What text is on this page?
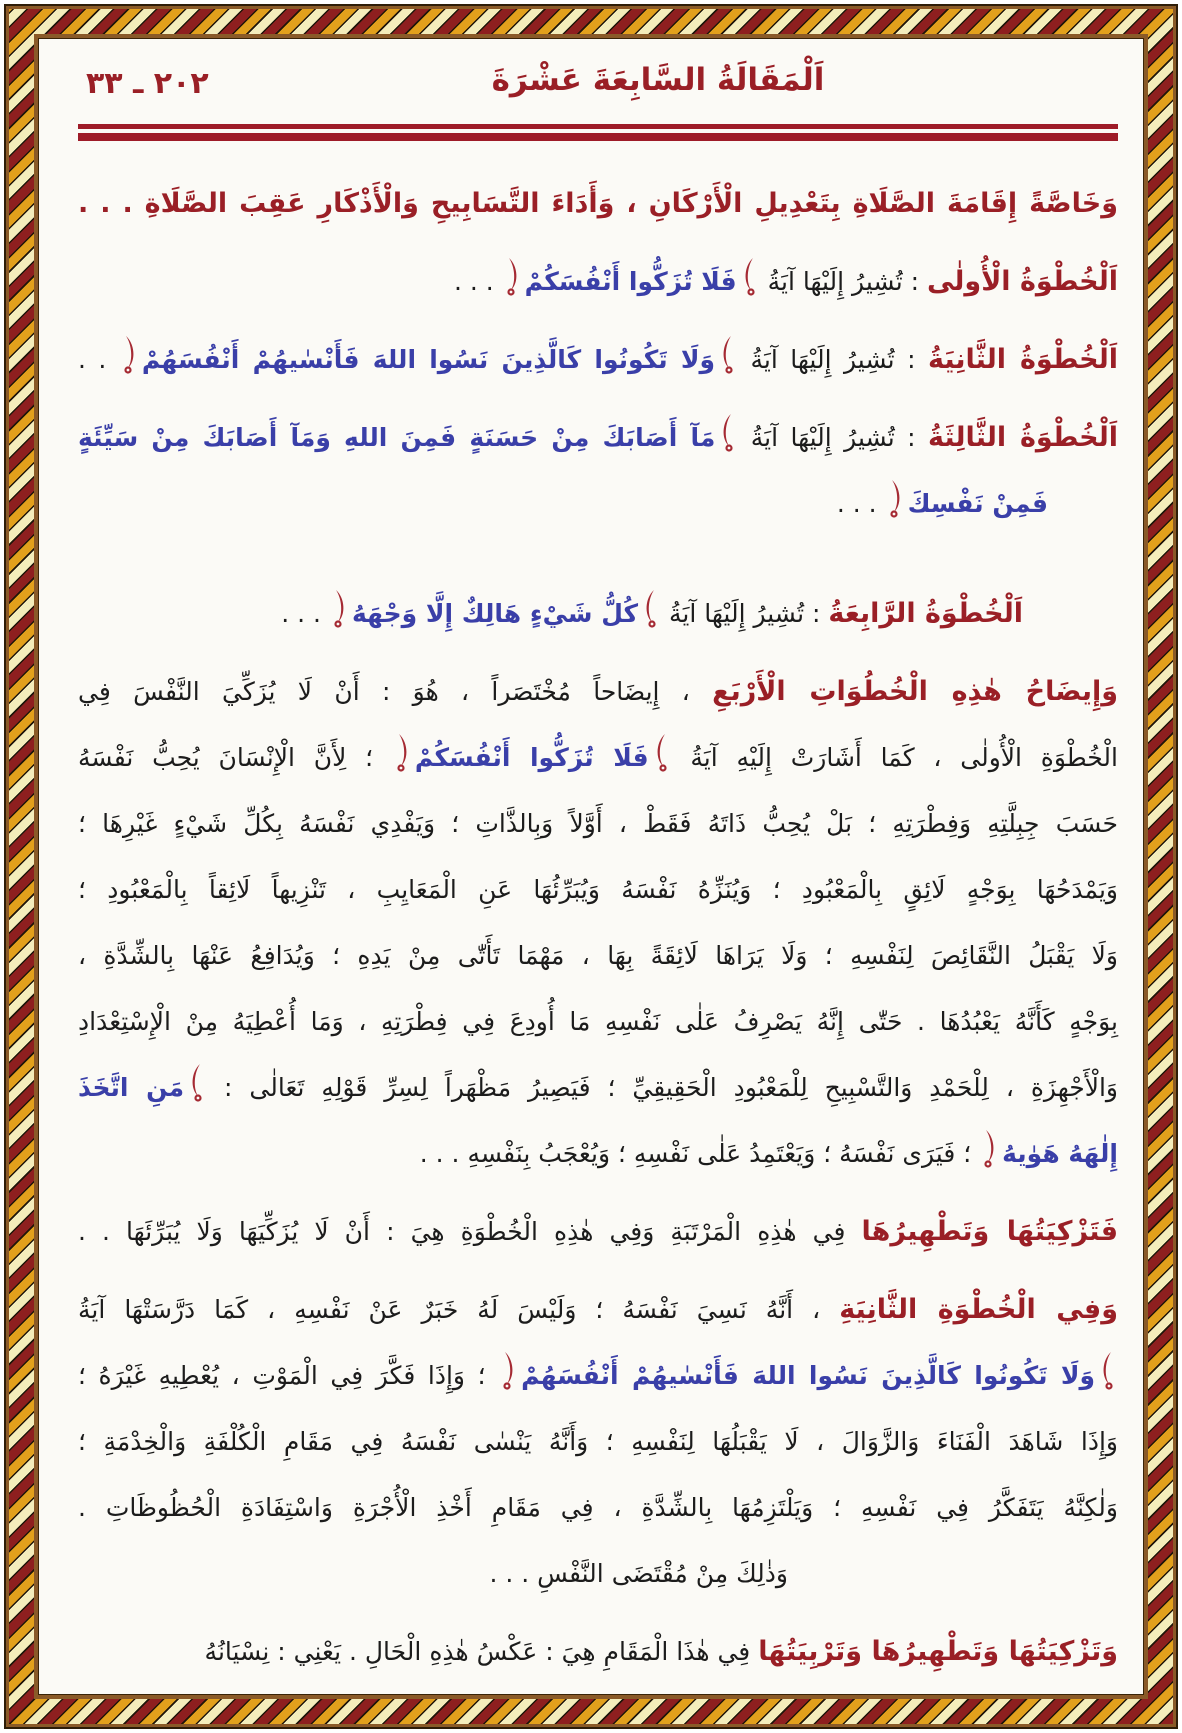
٢٠٢ ـ ٣٣	اَلْمَقَالَةُ السَّابِعَةَ عَشْرَةَ
وَخَاصَّةً إِقَامَةَ الصَّلَاةِ بِتَعْدِيلِ الْأَرْكَانِ ، وَأَدَاءَ التَّسَابِيحِ وَالْأَذْكَارِ عَقِبَ الصَّلَاةِ . . .
اَلْخُطْوَةُ الْأُولٰى : تُشِيرُ إِلَيْهَا آيَةُ
فَلَا تُزَكُّوا أَنْفُسَكُمْ
. . .
اَلْخُطْوَةُ الثَّانِيَةُ : تُشِيرُ إِلَيْهَا آيَةُ
وَلَا تَكُونُوا كَالَّذِينَ نَسُوا اللهَ فَأَنْسٰيهُمْ أَنْفُسَهُمْ
. .
اَلْخُطْوَةُ الثَّالِثَةُ : تُشِيرُ إِلَيْهَا آيَةُ
مَآ أَصَابَكَ مِنْ حَسَنَةٍ فَمِنَ اللهِ وَمَآ أَصَابَكَ مِنْ سَيِّئَةٍ
فَمِنْ نَفْسِكَ
. . .
اَلْخُطْوَةُ الرَّابِعَةُ : تُشِيرُ إِلَيْهَا آيَةُ
كُلُّ شَيْءٍ هَالِكٌ إِلَّا وَجْهَهُ
. . .
وَإِيضَاحُ هٰذِهِ الْخُطُوَاتِ الْأَرْبَعِ ، إِيضَاحاً مُخْتَصَراً ، هُوَ : أَنْ لَا يُزَكِّيَ النَّفْسَ فِي
الْخُطْوَةِ الْأُولٰى ، كَمَا أَشَارَتْ إِلَيْهِ آيَةُ
فَلَا تُزَكُّوا أَنْفُسَكُمْ
؛ لِأَنَّ الْإِنْسَانَ يُحِبُّ نَفْسَهُ
حَسَبَ جِبِلَّتِهِ وَفِطْرَتِهِ ؛ بَلْ يُحِبُّ ذَاتَهُ فَقَطْ ، أَوَّلاً وَبِالذَّاتِ ؛ وَيَفْدِي نَفْسَهُ بِكُلِّ شَيْءٍ غَيْرِهَا ؛
وَيَمْدَحُهَا بِوَجْهٍ لَائِقٍ بِالْمَعْبُودِ ؛ وَيُنَزِّهُ نَفْسَهُ وَيُبَرِّئُهَا عَنِ الْمَعَايِبِ ، تَنْزِيهاً لَائِقاً بِالْمَعْبُودِ ؛
وَلَا يَقْبَلُ النَّقَائِصَ لِنَفْسِهِ ؛ وَلَا يَرَاهَا لَائِقَةً بِهَا ، مَهْمَا تَأَتّٰى مِنْ يَدِهِ ؛ وَيُدَافِعُ عَنْهَا بِالشِّدَّةِ ،
بِوَجْهٍ كَأَنَّهُ يَعْبُدُهَا . حَتّٰى إِنَّهُ يَصْرِفُ عَلٰى نَفْسِهِ مَا أُودِعَ فِي فِطْرَتِهِ ، وَمَا أُعْطِيَهُ مِنْ الْإِسْتِعْدَادِ
وَالْأَجْهِزَةِ ، لِلْحَمْدِ وَالتَّسْبِيحِ لِلْمَعْبُودِ الْحَقِيقِيِّ ؛ فَيَصِيرُ مَظْهَراً لِسِرِّ قَوْلِهِ تَعَالٰى :
مَنِ اتَّخَذَ
إِلٰهَهُ هَوٰيهُ
؛ فَيَرَى نَفْسَهُ ؛ وَيَعْتَمِدُ عَلٰى نَفْسِهِ ؛ وَيُعْجَبُ بِنَفْسِهِ . . .
فَتَزْكِيَتُهَا وَتَطْهِيرُهَا فِي هٰذِهِ الْمَرْتَبَةِ وَفِي هٰذِهِ الْخُطْوَةِ هِيَ : أَنْ لَا يُزَكِّيَهَا وَلَا يُبَرِّئَهَا . .
وَفِي الْخُطْوَةِ الثَّانِيَةِ ، أَنَّهُ نَسِيَ نَفْسَهُ ؛ وَلَيْسَ لَهُ خَبَرٌ عَنْ نَفْسِهِ ، كَمَا دَرَّسَتْهَا آيَةُ
وَلَا تَكُونُوا كَالَّذِينَ نَسُوا اللهَ فَأَنْسٰيهُمْ أَنْفُسَهُمْ
؛ وَإِذَا فَكَّرَ فِي الْمَوْتِ ، يُعْطِيهِ غَيْرَهُ ؛
وَإِذَا شَاهَدَ الْفَنَاءَ وَالزَّوَالَ ، لَا يَقْبَلُهَا لِنَفْسِهِ ؛ وَأَنَّهُ يَنْسٰى نَفْسَهُ فِي مَقَامِ الْكُلْفَةِ وَالْخِدْمَةِ ؛
وَلٰكِنَّهُ يَتَفَكَّرُ فِي نَفْسِهِ ؛ وَيَلْتَزِمُهَا بِالشِّدَّةِ ، فِي مَقَامِ أَخْذِ الْأُجْرَةِ وَاسْتِفَادَةِ الْحُظُوظَاتِ .
وَذٰلِكَ مِنْ مُقْتَضَى النَّفْسِ . . .
وَتَزْكِيَتُهَا وَتَطْهِيرُهَا وَتَرْبِيَتُهَا فِي هٰذَا الْمَقَامِ هِيَ : عَكْسُ هٰذِهِ الْحَالِ . يَعْنِي : نِسْيَانُهُ
